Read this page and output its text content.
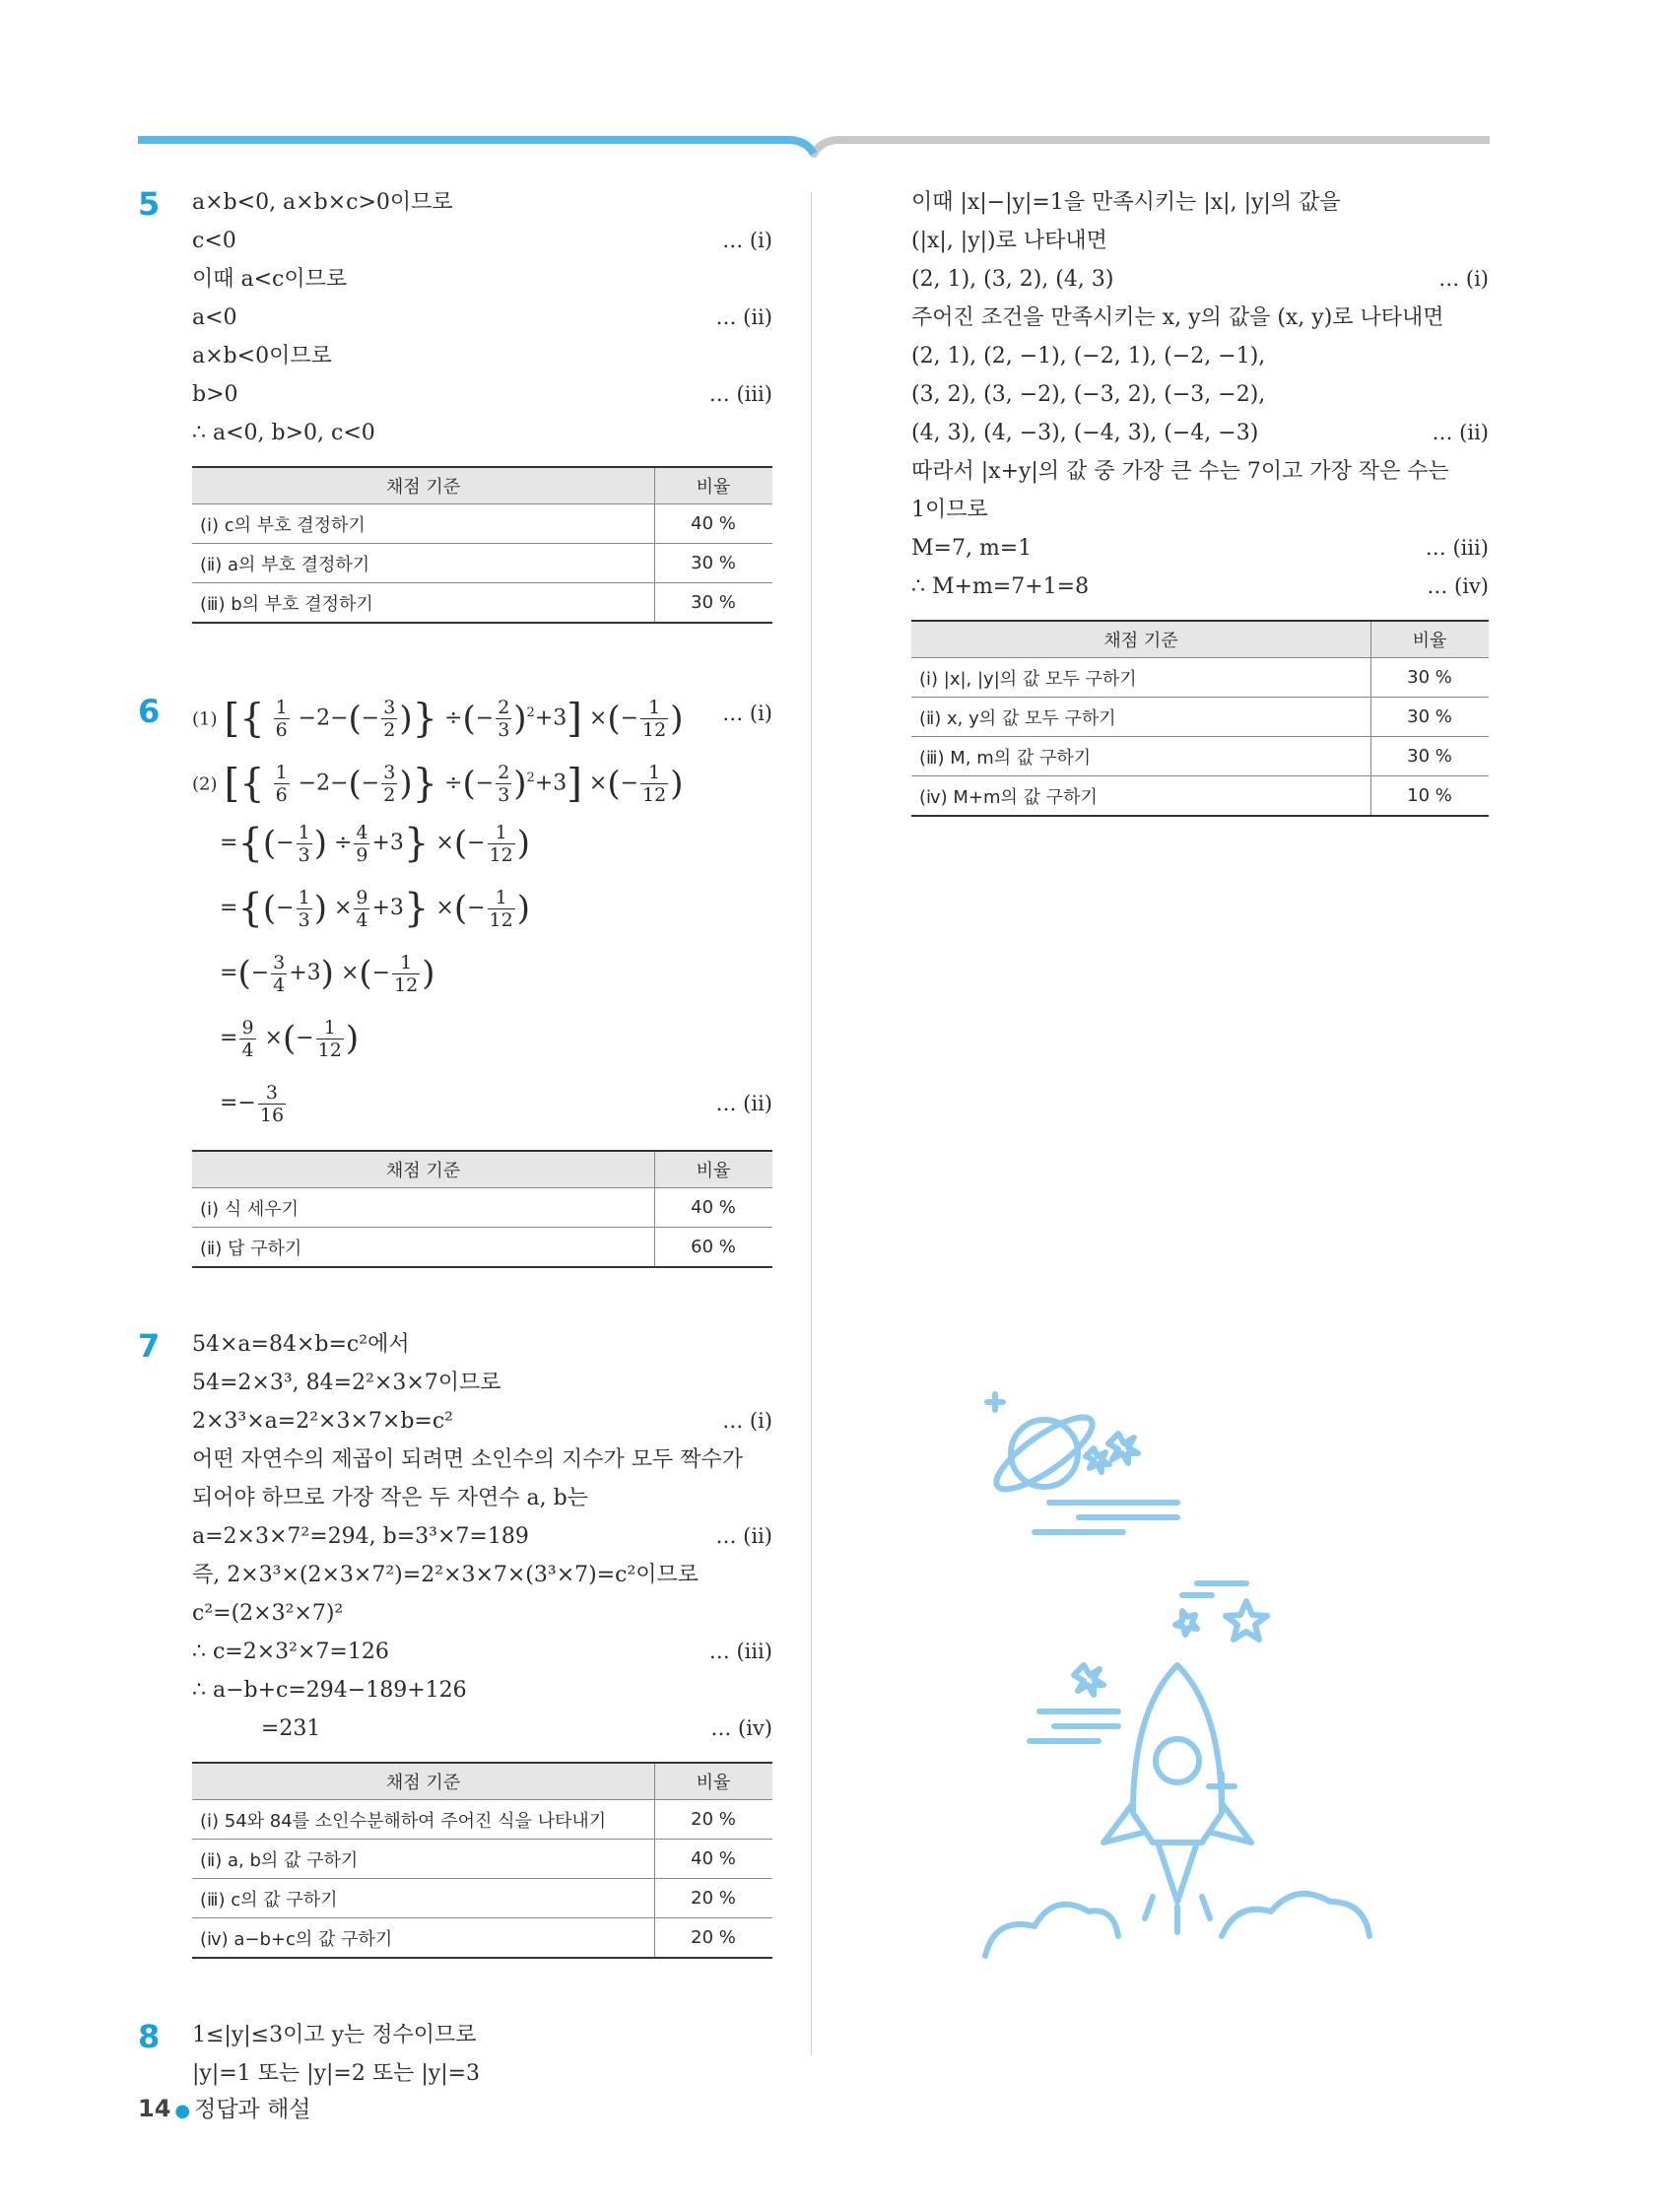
5 a×b<0, a×b×c>0이므로
c<0	… (ⅰ)
이때 a<c이므로
a<0	… (ⅱ)
a×b<0이므로
b>0	… (ⅲ)
∴ a<0, b>0, c<0
채점 기준	비율
(ⅰ) c의 부호 결정하기	40 %
(ⅱ) a의 부호 결정하기	30 %
(ⅲ) b의 부호 결정하기	30 %
6 (1) [{ $\frac{1}{6} -2-(- \frac{3}{2}$ )} ÷(− $\frac{2}{3} )^2+3$] ×(− $\frac{1}{12}$ ) … (ⅰ)
(2) [{ $\frac{1}{6} -2-(- \frac{3}{2}$ )} ÷(− $\frac{2}{3} )^2+3$] ×(− $\frac{1}{12}$ )
={(− $\frac{1}{3}$ ) ÷ $\frac{4}{9} +3$} ×(− $\frac{1}{12}$ )
={(− $\frac{1}{3}$ ) × $\frac{9}{4} +3$} ×(− $\frac{1}{12}$ )
=(− $\frac{3}{4} +3$) ×(− $\frac{1}{12}$ )
= $\frac{9}{4}$ ×(− $\frac{1}{12}$ )
=− $\frac{3}{16}$	… (ⅱ)
채점 기준	비율
(ⅰ) 식 세우기	40 %
(ⅱ) 답 구하기	60 %
7 54×a=84×b=c²에서
54=2×3³, 84=2²×3×7이므로
2×3³×a=2²×3×7×b=c²	… (ⅰ)
어떤 자연수의 제곱이 되려면 소인수의 지수가 모두 짝수가
되어야 하므로 가장 작은 두 자연수 a, b는
a=2×3×7²=294, b=3³×7=189	… (ⅱ)
즉, 2×3³×(2×3×7²)=2²×3×7×(3³×7)=c²이므로
c²=(2×3²×7)²
∴ c=2×3²×7=126	… (ⅲ)
∴ a−b+c=294−189+126
=231	… (ⅳ)
채점 기준	비율
(ⅰ) 54와 84를 소인수분해하여 주어진 식을 나타내기	20 %
(ⅱ) a, b의 값 구하기	40 %
(ⅲ) c의 값 구하기	20 %
(ⅳ) a−b+c의 값 구하기	20 %
8 1≤|y|≤3이고 y는 정수이므로
|y|=1 또는 |y|=2 또는 |y|=3
이때 |x|−|y|=1을 만족시키는 |x|, |y|의 값을
(|x|, |y|)로 나타내면
(2, 1), (3, 2), (4, 3)	… (ⅰ)
주어진 조건을 만족시키는 x, y의 값을 (x, y)로 나타내면
(2, 1), (2, −1), (−2, 1), (−2, −1),
(3, 2), (3, −2), (−3, 2), (−3, −2),
(4, 3), (4, −3), (−4, 3), (−4, −3)	… (ⅱ)
따라서 |x+y|의 값 중 가장 큰 수는 7이고 가장 작은 수는
1이므로
M=7, m=1	… (ⅲ)
∴ M+m=7+1=8	… (ⅳ)
채점 기준	비율
(ⅰ) |x|, |y|의 값 모두 구하기	30 %
(ⅱ) x, y의 값 모두 구하기	30 %
(ⅲ) M, m의 값 구하기	30 %
(ⅳ) M+m의 값 구하기	10 %
14 ● 정답과 해설
